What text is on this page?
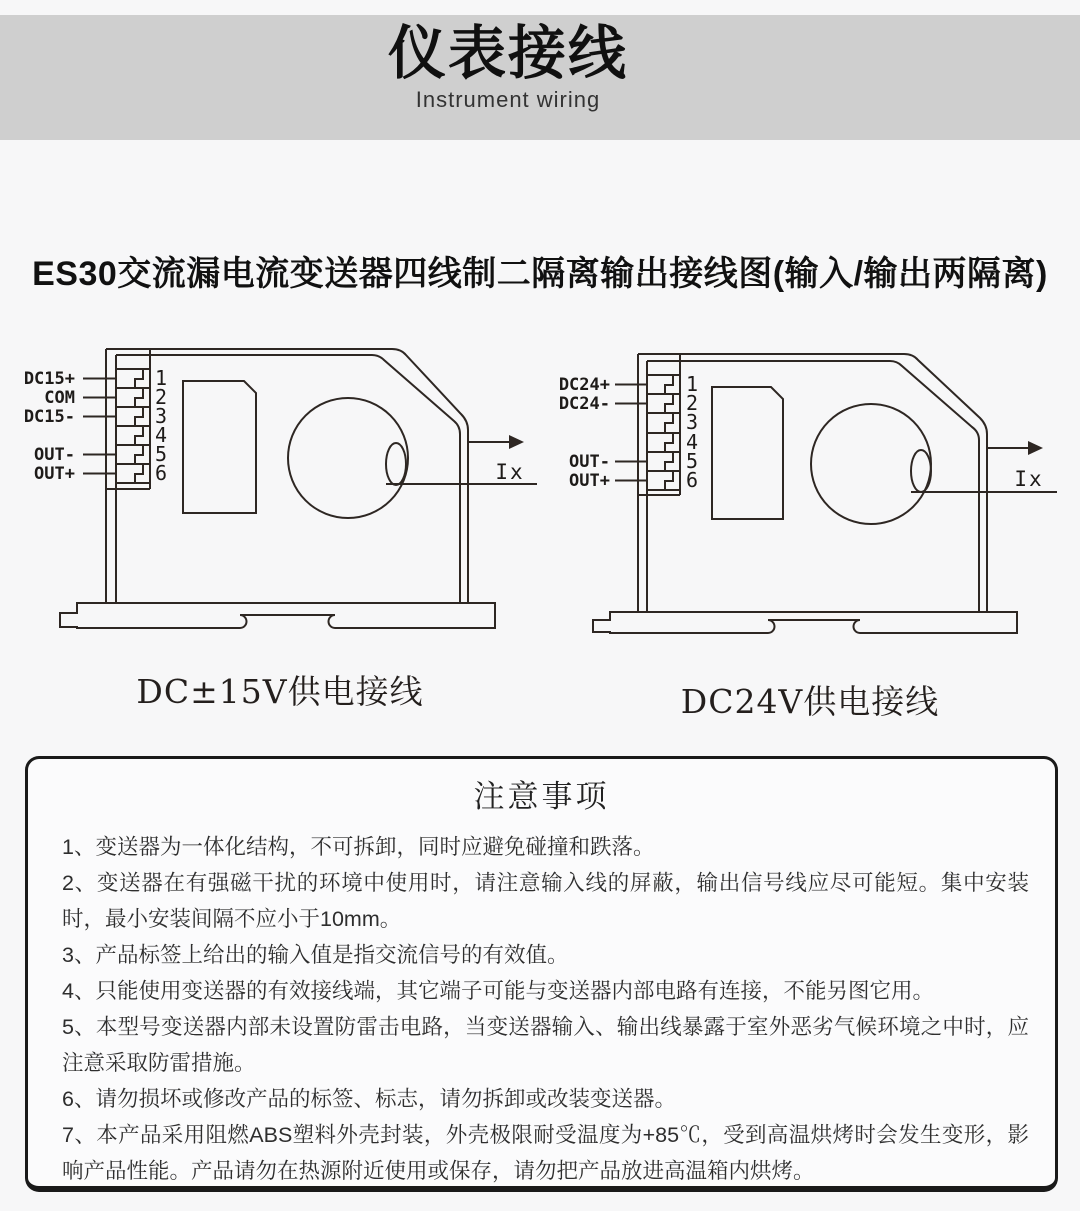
仪表接线
Instrument wiring
ES30交流漏电流变送器四线制二隔离输出接线图(输入/输出两隔离)
DC15+
COM
DC15-
OUT-
OUT+
1
2
3
4
5
6	Ix
DC24+
DC24-
OUT-
OUT+
1
2
3
4
5
6	Ix
DC±15V供电接线	DC24V供电接线
注意事项

1、变送器为一体化结构，不可拆卸，同时应避免碰撞和跌落。

2、变送器在有强磁干扰的环境中使用时，请注意输入线的屏蔽，输出信号线应尽可能短。集中安装时，最小安装间隔不应小于10mm。

3、产品标签上给出的输入值是指交流信号的有效值。

4、只能使用变送器的有效接线端，其它端子可能与变送器内部电路有连接，不能另图它用。

5、本型号变送器内部未设置防雷击电路，当变送器输入、输出线暴露于室外恶劣气候环境之中时，应注意采取防雷措施。

6、请勿损坏或修改产品的标签、标志，请勿拆卸或改装变送器。

7、本产品采用阻燃ABS塑料外壳封装，外壳极限耐受温度为+85℃，受到高温烘烤时会发生变形，影响产品性能。产品请勿在热源附近使用或保存，请勿把产品放进高温箱内烘烤。
